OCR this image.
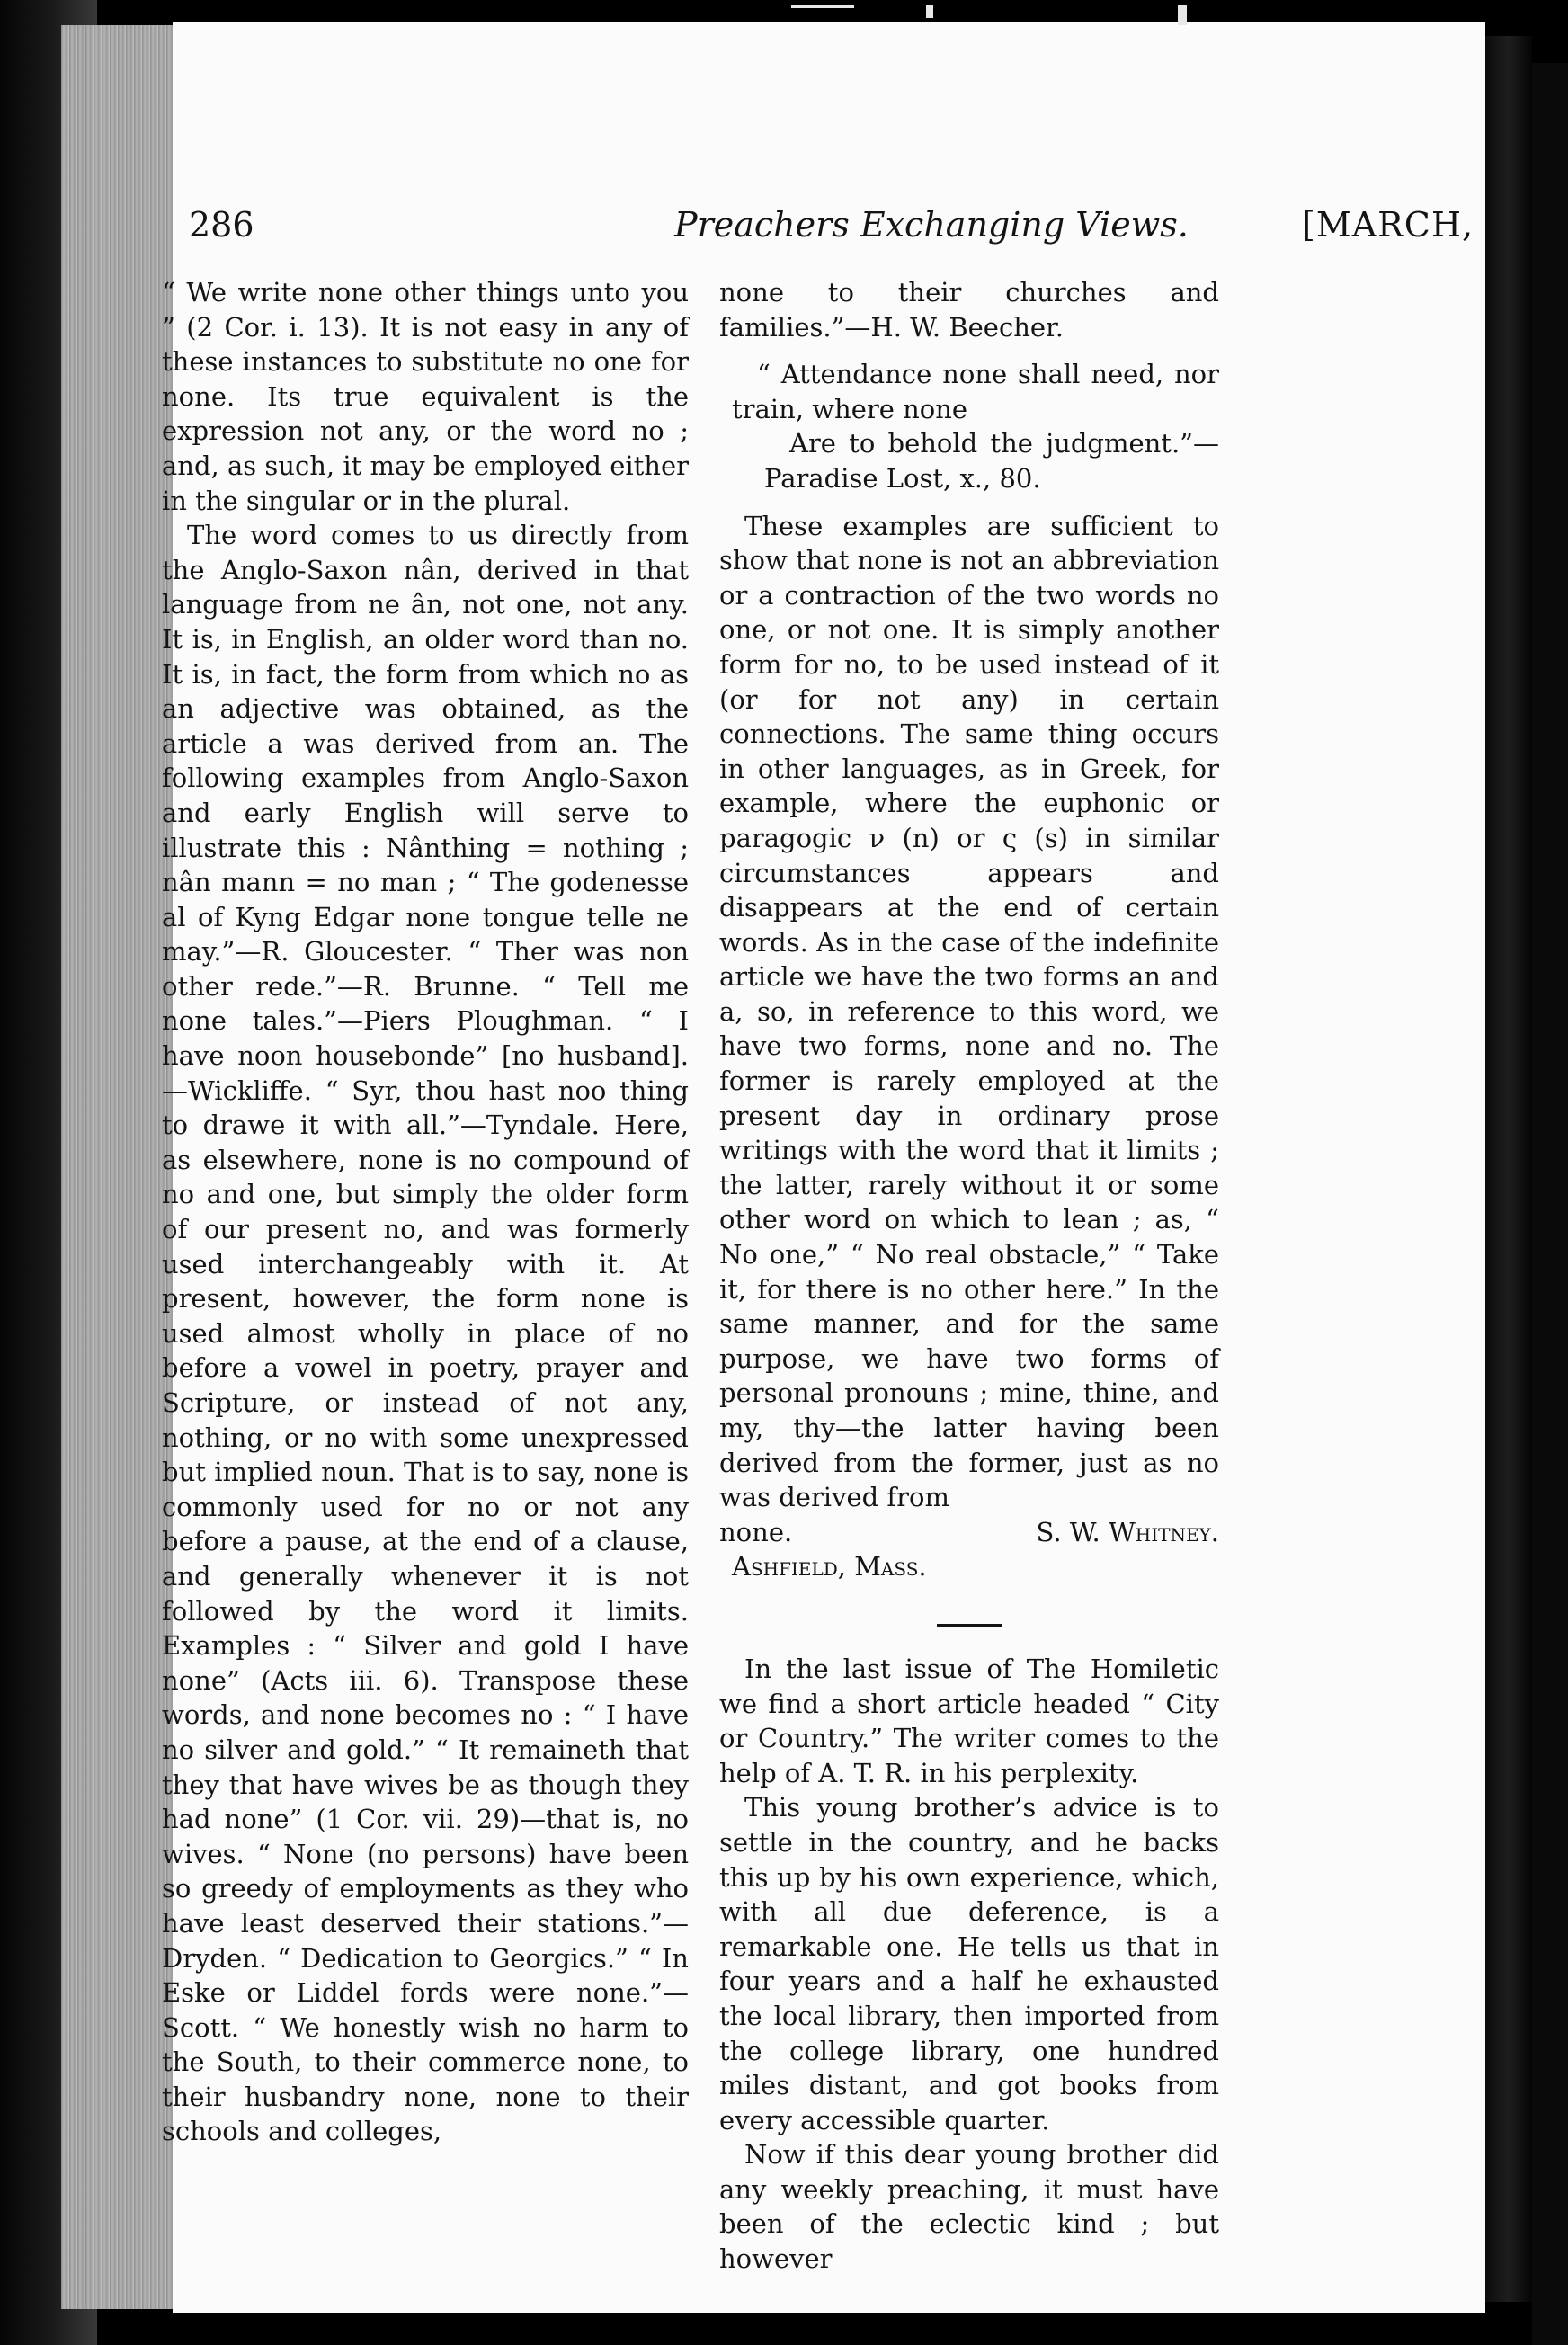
286	Preachers Exchanging Views.	[MARCH,

“ We write none other things unto you ” (2 Cor. i. 13). It is not easy in any of these instances to substitute no one for none. Its true equivalent is the expression not any, or the word no ; and, as such, it may be employed either in the singular or in the plural.

The word comes to us directly from the Anglo-Saxon nân, derived in that language from ne ân, not one, not any. It is, in English, an older word than no. It is, in fact, the form from which no as an adjective was obtained, as the article a was derived from an. The following examples from Anglo-Saxon and early English will serve to illustrate this : Nânthing = nothing ; nân mann = no man ; “ The godenesse al of Kyng Edgar none tongue telle ne may.”—R. Gloucester. “ Ther was non other rede.”—R. Brunne. “ Tell me none tales.”—Piers Ploughman. “ I have noon housebonde” [no husband].—Wickliffe. “ Syr, thou hast noo thing to drawe it with all.”—Tyndale. Here, as elsewhere, none is no compound of no and one, but simply the older form of our present no, and was formerly used interchangeably with it. At present, however, the form none is used almost wholly in place of no before a vowel in poetry, prayer and Scripture, or instead of not any, nothing, or no with some unexpressed but implied noun. That is to say, none is commonly used for no or not any before a pause, at the end of a clause, and generally whenever it is not followed by the word it limits. Examples : “ Silver and gold I have none” (Acts iii. 6). Transpose these words, and none becomes no : “ I have no silver and gold.” “ It remaineth that they that have wives be as though they had none” (1 Cor. vii. 29)—that is, no wives. “ None (no persons) have been so greedy of employments as they who have least deserved their stations.”—Dryden. “ Dedication to Georgics.” “ In Eske or Liddel fords were none.”—Scott. “ We honestly wish no harm to the South, to their commerce none, to their husbandry none, none to their schools and colleges,

none to their churches and families.”—H. W. Beecher.

“ Attendance none shall need, nor train, where none
Are to behold the judgment.”—Paradise Lost, x., 80.

These examples are sufficient to show that none is not an abbreviation or a contraction of the two words no one, or not one. It is simply another form for no, to be used instead of it (or for not any) in certain connections. The same thing occurs in other languages, as in Greek, for example, where the euphonic or paragogic ν (n) or ς (s) in similar circumstances appears and disappears at the end of certain words. As in the case of the indefinite article we have the two forms an and a, so, in reference to this word, we have two forms, none and no. The former is rarely employed at the present day in ordinary prose writings with the word that it limits ; the latter, rarely without it or some other word on which to lean ; as, “ No one,” “ No real obstacle,” “ Take it, for there is no other here.” In the same manner, and for the same purpose, we have two forms of personal pronouns ; mine, thine, and my, thy—the latter having been derived from the former, just as no was derived from

none.	S. W. Whitney.

Ashfield, Mass.

In the last issue of The Homiletic we find a short article headed “ City or Country.” The writer comes to the help of A. T. R. in his perplexity.

This young brother’s advice is to settle in the country, and he backs this up by his own experience, which, with all due deference, is a remarkable one. He tells us that in four years and a half he exhausted the local library, then imported from the college library, one hundred miles distant, and got books from every accessible quarter.

Now if this dear young brother did any weekly preaching, it must have been of the eclectic kind ; but however
